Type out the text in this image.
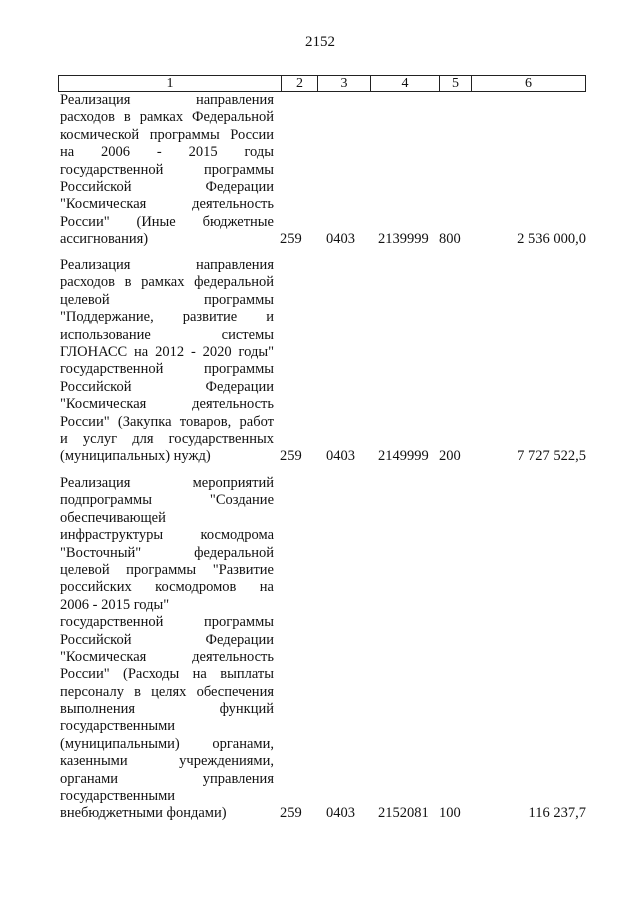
2152
1	2	3	4	5	6
Реализация направления
расходов в рамках Федеральной
космической программы России
на 2006 - 2015 годы
государственной программы
Российской Федерации
"Космическая деятельность
России" (Иные бюджетные
ассигнования)	259 0403 2139999 800	2 536 000,0
Реализация направления
расходов в рамках федеральной
целевой программы
"Поддержание, развитие и
использование системы
ГЛОНАСС на 2012 - 2020 годы"
государственной программы
Российской Федерации
"Космическая деятельность
России" (Закупка товаров, работ
и услуг для государственных
(муниципальных) нужд)	259 0403 2149999 200	7 727 522,5
Реализация мероприятий
подпрограммы "Создание
обеспечивающей
инфраструктуры космодрома
"Восточный" федеральной
целевой программы "Развитие
российских космодромов на
2006 - 2015 годы"
государственной программы
Российской Федерации
"Космическая деятельность
России" (Расходы на выплаты
персоналу в целях обеспечения
выполнения функций
государственными
(муниципальными) органами,
казенными учреждениями,
органами управления
государственными
внебюджетными фондами)	259 0403 2152081 100	116 237,7
